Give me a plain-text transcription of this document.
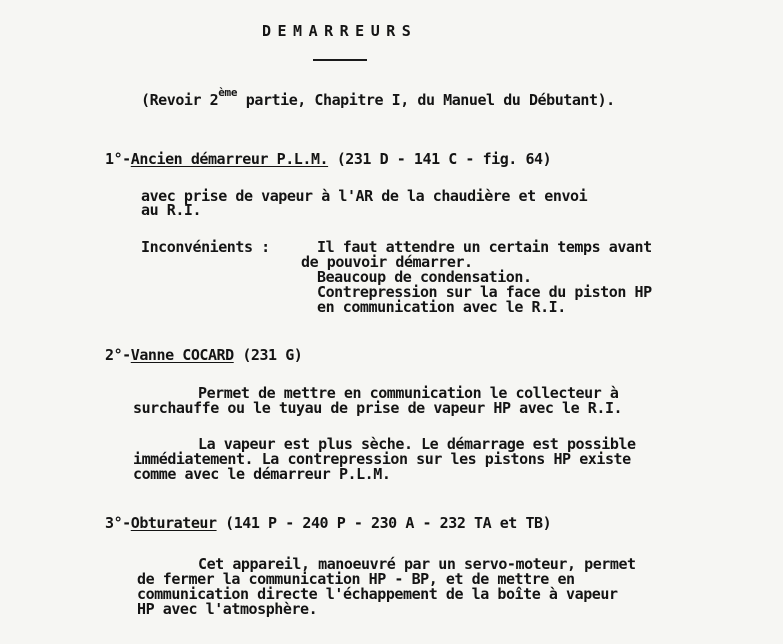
DEMARREURS
(Revoir 2ème partie, Chapitre I, du Manuel du Débutant).
1°-Ancien démarreur P.L.M. (231 D - 141 C - fig. 64)
avec prise de vapeur à l'AR de la chaudière et envoi
au R.I.
Inconvénients :	Il faut attendre un certain temps avant
de pouvoir démarrer.
Beaucoup de condensation.
Contrepression sur la face du piston HP
en communication avec le R.I.
2°-Vanne COCARD (231 G)
Permet de mettre en communication le collecteur à
surchauffe ou le tuyau de prise de vapeur HP avec le R.I.
La vapeur est plus sèche. Le démarrage est possible
immédiatement. La contrepression sur les pistons HP existe
comme avec le démarreur P.L.M.
3°-Obturateur (141 P - 240 P - 230 A - 232 TA et TB)
Cet appareil, manoeuvré par un servo-moteur, permet
de fermer la communication HP - BP, et de mettre en
communication directe l'échappement de la boîte à vapeur
HP avec l'atmosphère.
